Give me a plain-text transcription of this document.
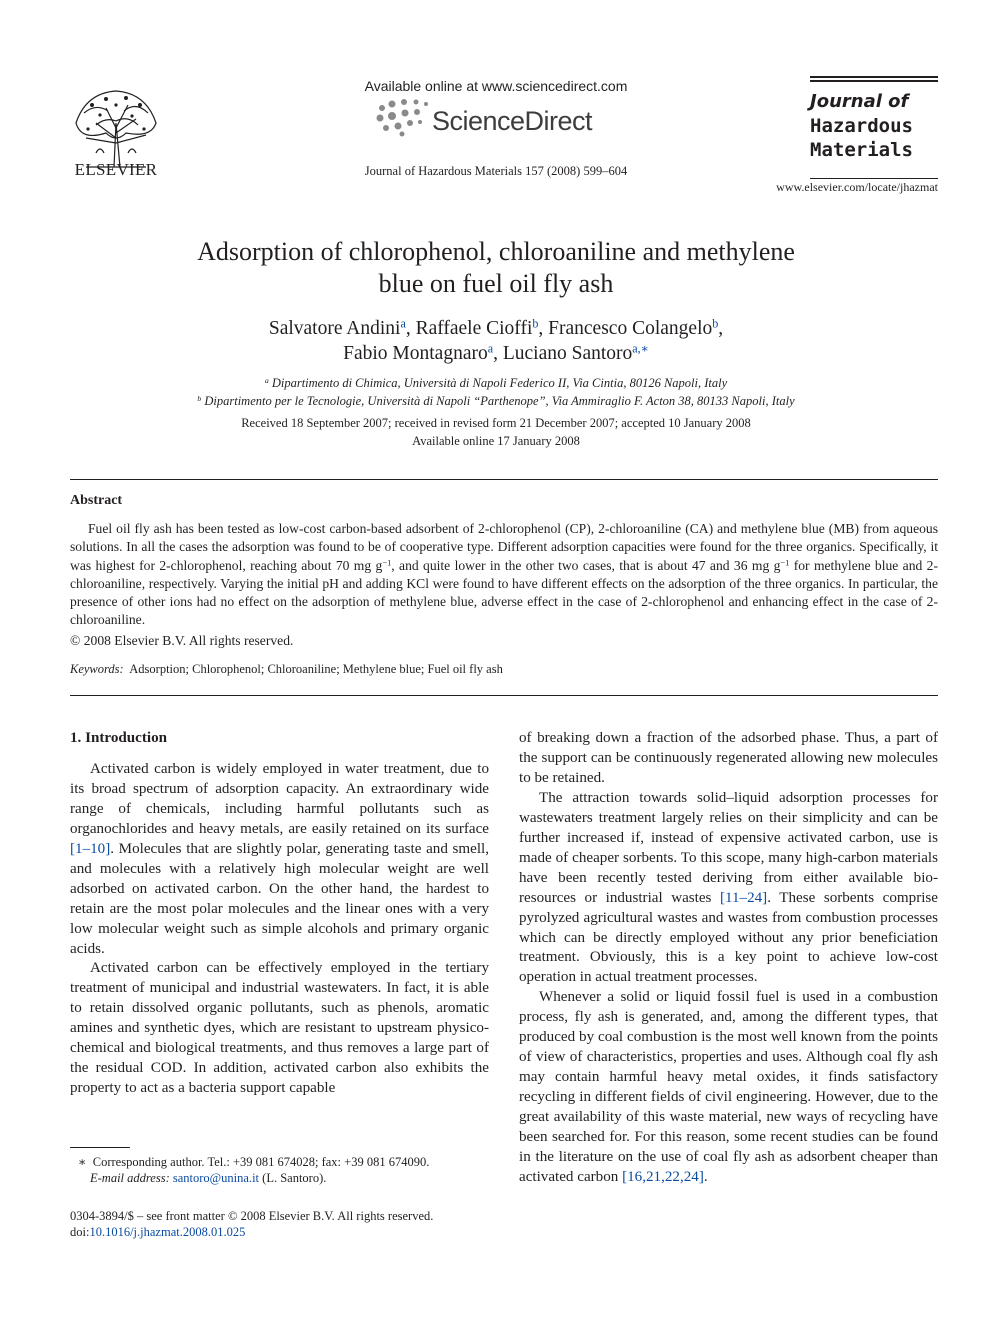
ELSEVIER
Available online at www.sciencedirect.com
ScienceDirect
Journal of Hazardous Materials 157 (2008) 599–604
Journal of
Hazardous
Materials
www.elsevier.com/locate/jhazmat
Adsorption of chlorophenol, chloroaniline and methylene
blue on fuel oil fly ash
Salvatore Andini$^a$, Raffaele Cioffi$^b$, Francesco Colangelo$^b$,
Fabio Montagnaro$^a$, Luciano Santoro$^{a,∗}$
$^a$ Dipartimento di Chimica, Università di Napoli Federico II, Via Cintia, 80126 Napoli, Italy
$^b$ Dipartimento per le Tecnologie, Università di Napoli “Parthenope”, Via Ammiraglio F. Acton 38, 80133 Napoli, Italy
Received 18 September 2007; received in revised form 21 December 2007; accepted 10 January 2008
Available online 17 January 2008
Abstract
Fuel oil fly ash has been tested as low-cost carbon-based adsorbent of 2-chlorophenol (CP), 2-chloroaniline (CA) and methylene blue (MB) from aqueous solutions. In all the cases the adsorption was found to be of cooperative type. Different adsorption capacities were found for the three organics. Specifically, it was highest for 2-chlorophenol, reaching about 70 mg $g^{-1}$, and quite lower in the other two cases, that is about 47 and 36 mg $g^{-1}$ for methylene blue and 2-chloroaniline, respectively. Varying the initial pH and adding KCl were found to have different effects on the adsorption of the three organics. In particular, the presence of other ions had no effect on the adsorption of methylene blue, adverse effect in the case of 2-chlorophenol and enhancing effect in the case of 2-chloroaniline.
© 2008 Elsevier B.V. All rights reserved.
Keywords: Adsorption; Chlorophenol; Chloroaniline; Methylene blue; Fuel oil fly ash

1. Introduction

Activated carbon is widely employed in water treatment, due to its broad spectrum of adsorption capacity. An extraordinary wide range of chemicals, including harmful pollutants such as organochlorides and heavy metals, are easily retained on its surface [1–10]. Molecules that are slightly polar, generating taste and smell, and molecules with a relatively high molecular weight are well adsorbed on activated carbon. On the other hand, the hardest to retain are the most polar molecules and the linear ones with a very low molecular weight such as simple alcohols and primary organic acids.

Activated carbon can be effectively employed in the tertiary treatment of municipal and industrial wastewaters. In fact, it is able to retain dissolved organic pollutants, such as phenols, aromatic amines and synthetic dyes, which are resistant to upstream physico-chemical and biological treatments, and thus removes a large part of the residual COD. In addition, activated carbon also exhibits the property to act as a bacteria support capable

of breaking down a fraction of the adsorbed phase. Thus, a part of the support can be continuously regenerated allowing new molecules to be retained.

The attraction towards solid–liquid adsorption processes for wastewaters treatment largely relies on their simplicity and can be further increased if, instead of expensive activated carbon, use is made of cheaper sorbents. To this scope, many high-carbon materials have been recently tested deriving from either available bio-resources or industrial wastes [11–24]. These sorbents comprise pyrolyzed agricultural wastes and wastes from combustion processes which can be directly employed without any prior beneficiation treatment. Obviously, this is a key point to achieve low-cost operation in actual treatment processes.

Whenever a solid or liquid fossil fuel is used in a combustion process, fly ash is generated, and, among the different types, that produced by coal combustion is the most well known from the points of view of characteristics, properties and uses. Although coal fly ash may contain harmful heavy metal oxides, it finds satisfactory recycling in different fields of civil engineering. However, due to the great availability of this waste material, new ways of recycling have been searched for. For this reason, some recent studies can be found in the literature on the use of coal fly ash as adsorbent cheaper than activated carbon [16,21,22,24].

∗ Corresponding author. Tel.: +39 081 674028; fax: +39 081 674090.
E-mail address: santoro@unina.it (L. Santoro).
0304-3894/$ – see front matter © 2008 Elsevier B.V. All rights reserved.
doi:10.1016/j.jhazmat.2008.01.025
